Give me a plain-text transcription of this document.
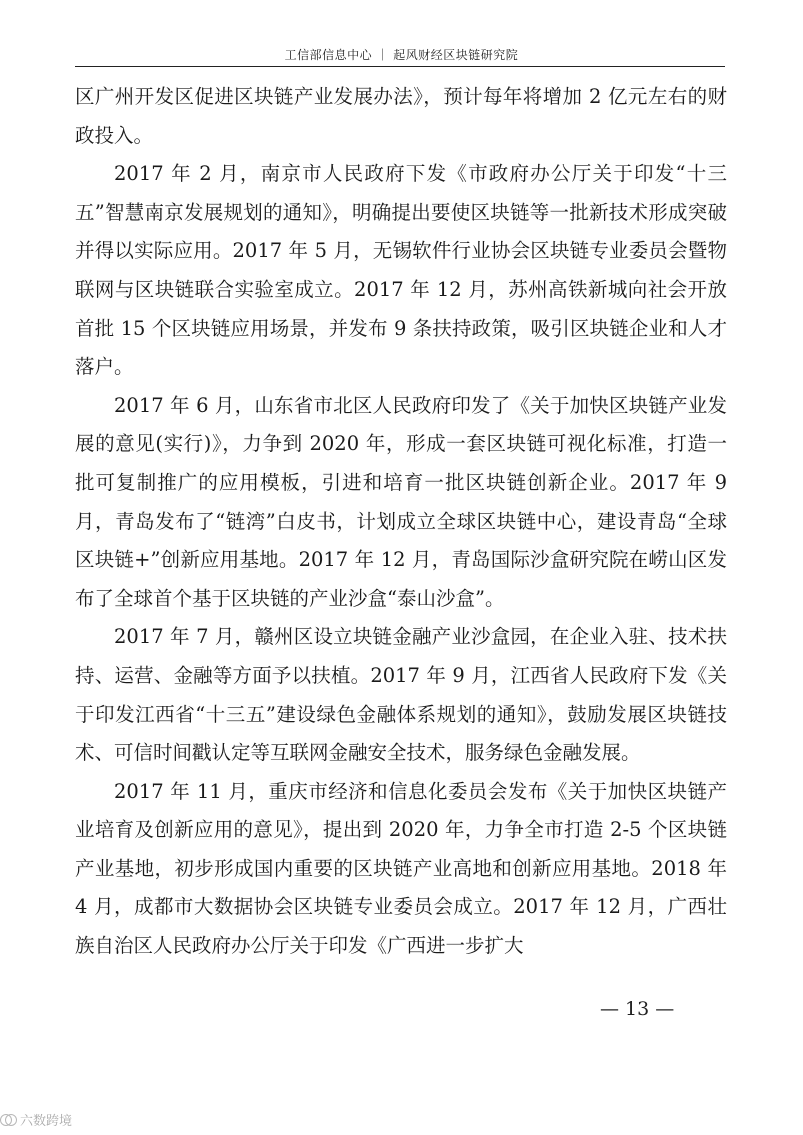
工信部信息中心 ｜ 起风财经区块链研究院

区广州开发区促进区块链产业发展办法》，预计每年将增加 2 亿元左右的财政投入。

2017 年 2 月，南京市人民政府下发《市政府办公厅关于印发“十三五”智慧南京发展规划的通知》，明确提出要使区块链等一批新技术形成突破并得以实际应用。2017 年 5 月，无锡软件行业协会区块链专业委员会暨物联网与区块链联合实验室成立。2017 年 12 月，苏州高铁新城向社会开放首批 15 个区块链应用场景，并发布 9 条扶持政策，吸引区块链企业和人才落户。

2017 年 6 月，山东省市北区人民政府印发了《关于加快区块链产业发展的意见(实行)》，力争到 2020 年，形成一套区块链可视化标准，打造一批可复制推广的应用模板，引进和培育一批区块链创新企业。2017 年 9 月，青岛发布了“链湾”白皮书，计划成立全球区块链中心，建设青岛“全球区块链+”创新应用基地。2017 年 12 月，青岛国际沙盒研究院在崂山区发布了全球首个基于区块链的产业沙盒“泰山沙盒”。

2017 年 7 月，赣州区设立块链金融产业沙盒园，在企业入驻、技术扶持、运营、金融等方面予以扶植。2017 年 9 月，江西省人民政府下发《关于印发江西省“十三五”建设绿色金融体系规划的通知》，鼓励发展区块链技术、可信时间戳认定等互联网金融安全技术，服务绿色金融发展。

2017 年 11 月，重庆市经济和信息化委员会发布《关于加快区块链产业培育及创新应用的意见》，提出到 2020 年，力争全市打造 2-5 个区块链产业基地，初步形成国内重要的区块链产业高地和创新应用基地。2018 年 4 月，成都市大数据协会区块链专业委员会成立。2017 年 12 月，广西壮族自治区人民政府办公厅关于印发《广西进一步扩大

— 13 —
六数跨境
